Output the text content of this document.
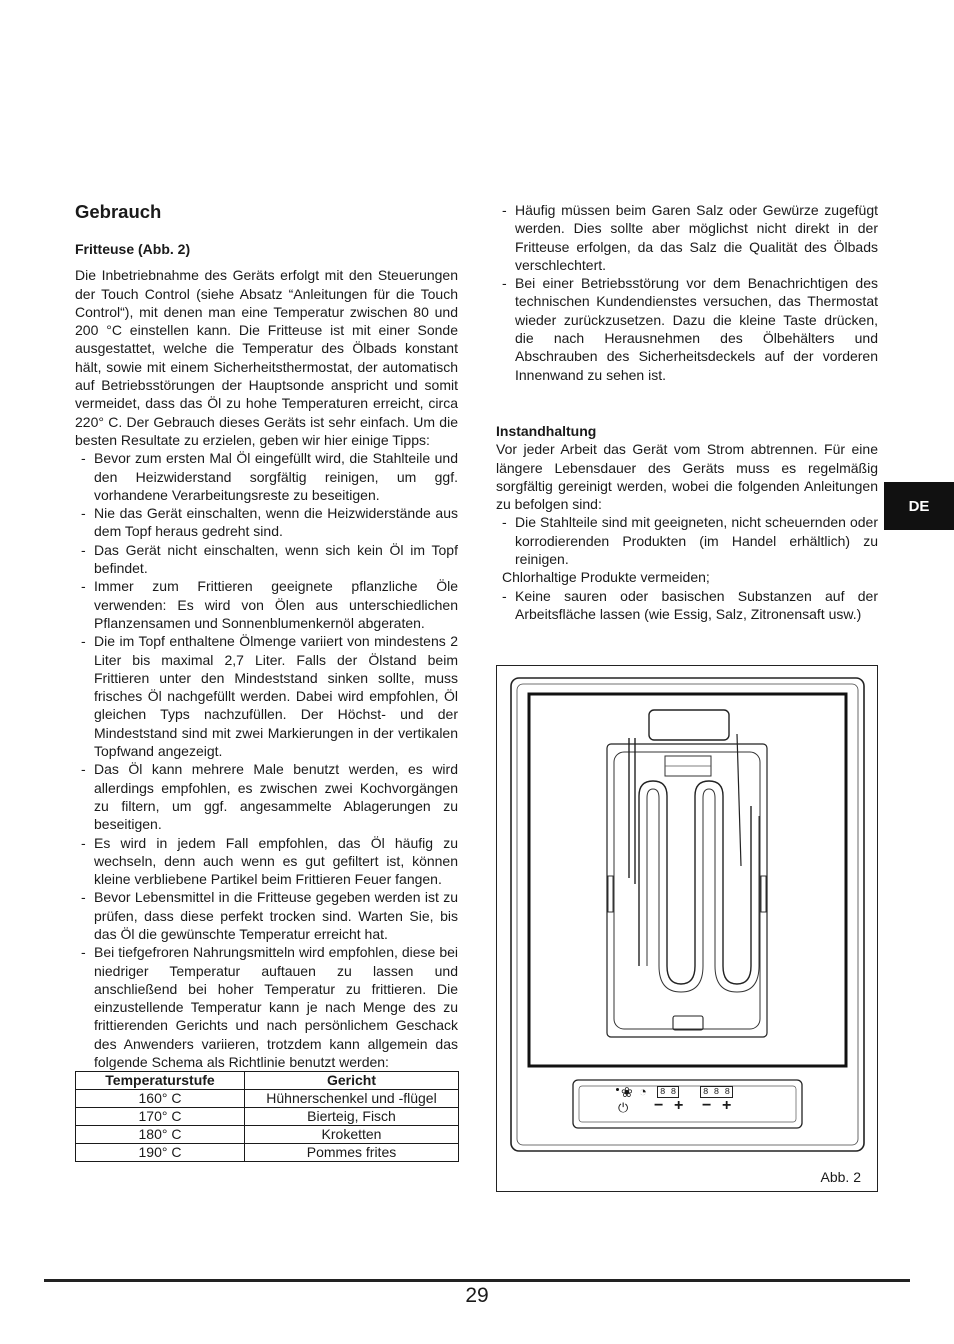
Gebrauch
Fritteuse (Abb. 2)

Die Inbetriebnahme des Geräts erfolgt mit den Steuerungen der Touch Control (siehe Absatz “Anleitungen für die Touch Control“), mit denen man eine Temperatur zwischen 80 und 200 °C einstellen kann. Die Fritteuse ist mit einer Sonde ausgestattet, welche die Temperatur des Ölbads konstant hält, sowie mit einem Sicherheitsthermostat, der automatisch auf Betriebsstörungen der Hauptsonde anspricht und somit vermeidet, dass das Öl zu hohe Temperaturen erreicht, circa 220° C. Der Gebrauch dieses Geräts ist sehr einfach. Um die besten Resultate zu erzielen, geben wir hier einige Tipps:

- Bevor zum ersten Mal Öl eingefüllt wird, die Stahlteile und den Heizwiderstand sorgfältig reinigen, um ggf. vorhandene Verarbeitungsreste zu beseitigen.
- Nie das Gerät einschalten, wenn die Heizwiderstände aus dem Topf heraus gedreht sind.
- Das Gerät nicht einschalten, wenn sich kein Öl im Topf befindet.
- Immer zum Frittieren geeignete pflanzliche Öle verwenden: Es wird von Ölen aus unterschiedlichen Pflanzensamen und Sonnenblumenkernöl abgeraten.
- Die im Topf enthaltene Ölmenge variiert von mindestens 2 Liter bis maximal 2,7 Liter. Falls der Ölstand beim Frittieren unter den Mindeststand sinken sollte, muss frisches Öl nachgefüllt werden. Dabei wird empfohlen, Öl gleichen Typs nachzufüllen. Der Höchst- und der Mindeststand sind mit zwei Markierungen in der vertikalen Topfwand angezeigt.
- Das Öl kann mehrere Male benutzt werden, es wird allerdings empfohlen, es zwischen zwei Kochvorgängen zu filtern, um ggf. angesammelte Ablagerungen zu beseitigen.
- Es wird in jedem Fall empfohlen, das Öl häufig zu wechseln, denn auch wenn es gut gefiltert ist, können kleine verbliebene Partikel beim Frittieren Feuer fangen.
- Bevor Lebensmittel in die Fritteuse gegeben werden ist zu prüfen, dass diese perfekt trocken sind. Warten Sie, bis das Öl die gewünschte Temperatur erreicht hat.
- Bei tiefgefroren Nahrungsmitteln wird empfohlen, diese bei niedriger Temperatur auftauen zu lassen und anschließend bei hoher Temperatur zu frittieren. Die einzustellende Temperatur kann je nach Menge des zu frittierenden Gerichts und nach persönlichem Geschack des Anwenders variieren, trotzdem kann allgemein das folgende Schema als Richtlinie benutzt werden:
Temperaturstufe	Gericht
160° C	Hühnerschenkel und -flügel
170° C	Bierteig, Fisch
180° C	Kroketten
190° C	Pommes frites
- Häufig müssen beim Garen Salz oder Gewürze zugefügt werden. Dies sollte aber möglichst nicht direkt in der Fritteuse erfolgen, da das Salz die Qualität des Ölbads verschlechtert.
- Bei einer Betriebsstörung vor dem Benachrichtigen des technischen Kundendienstes versuchen, das Thermostat wieder zurückzusetzen. Dazu die kleine Taste drücken, die nach Herausnehmen des Ölbehälters und Abschrauben des Sicherheitsdeckels auf der vorderen Innenwand zu sehen ist.
Instandhaltung

Vor jeder Arbeit das Gerät vom Strom abtrennen. Für eine längere Lebensdauer des Geräts muss es regelmäßig sorgfältig gereinigt werden, wobei die folgenden Anleitungen zu befolgen sind:

- Die Stahlteile sind mit geeigneten, nicht scheuernden oder korrodierenden Produkten (im Handel erhältlich) zu reinigen.

Chlorhaltige Produkte vermeiden;

- Keine sauren oder basischen Substanzen auf der Arbeitsfläche lassen (wie Essig, Salz, Zitronensaft usw.)
DE
❀
⏻
◔	8 8
− +
8 8 8
− +
Abb. 2
29
